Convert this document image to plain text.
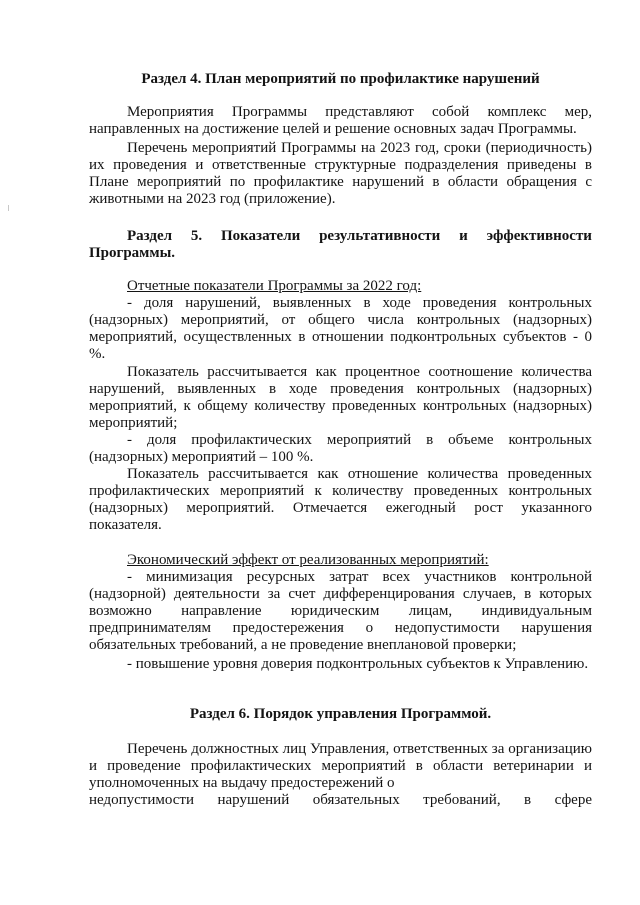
Раздел 4. План мероприятий по профилактике нарушений

Мероприятия Программы представляют собой комплекс мер, направленных на достижение целей и решение основных задач Программы.

Перечень мероприятий Программы на 2023 год, сроки (периодичность) их проведения и ответственные структурные подразделения приведены в Плане мероприятий по профилактике нарушений в области обращения с животными на 2023 год (приложение).

Раздел 5. Показатели результативности и эффективности

Программы.

Отчетные показатели Программы за 2022 год:

- доля нарушений, выявленных в ходе проведения контрольных (надзорных) мероприятий, от общего числа контрольных (надзорных) мероприятий, осуществленных в отношении подконтрольных субъектов - 0 %.

Показатель рассчитывается как процентное соотношение количества нарушений, выявленных в ходе проведения контрольных (надзорных) мероприятий, к общему количеству проведенных контрольных (надзорных) мероприятий;

- доля профилактических мероприятий в объеме контрольных (надзорных) мероприятий – 100 %.

Показатель рассчитывается как отношение количества проведенных профилактических мероприятий к количеству проведенных контрольных (надзорных) мероприятий. Отмечается ежегодный рост указанного показателя.

Экономический эффект от реализованных мероприятий:

- минимизация ресурсных затрат всех участников контрольной (надзорной) деятельности за счет дифференцирования случаев, в которых возможно направление юридическим лицам, индивидуальным предпринимателям предостережения о недопустимости нарушения обязательных требований, а не проведение внеплановой проверки;

- повышение уровня доверия подконтрольных субъектов к Управлению.

Раздел 6. Порядок управления Программой.

Перечень должностных лиц Управления, ответственных за организацию и проведение профилактических мероприятий в области ветеринарии и уполномоченных на выдачу предостережений о

недопустимости нарушений обязательных требований, в сфере
